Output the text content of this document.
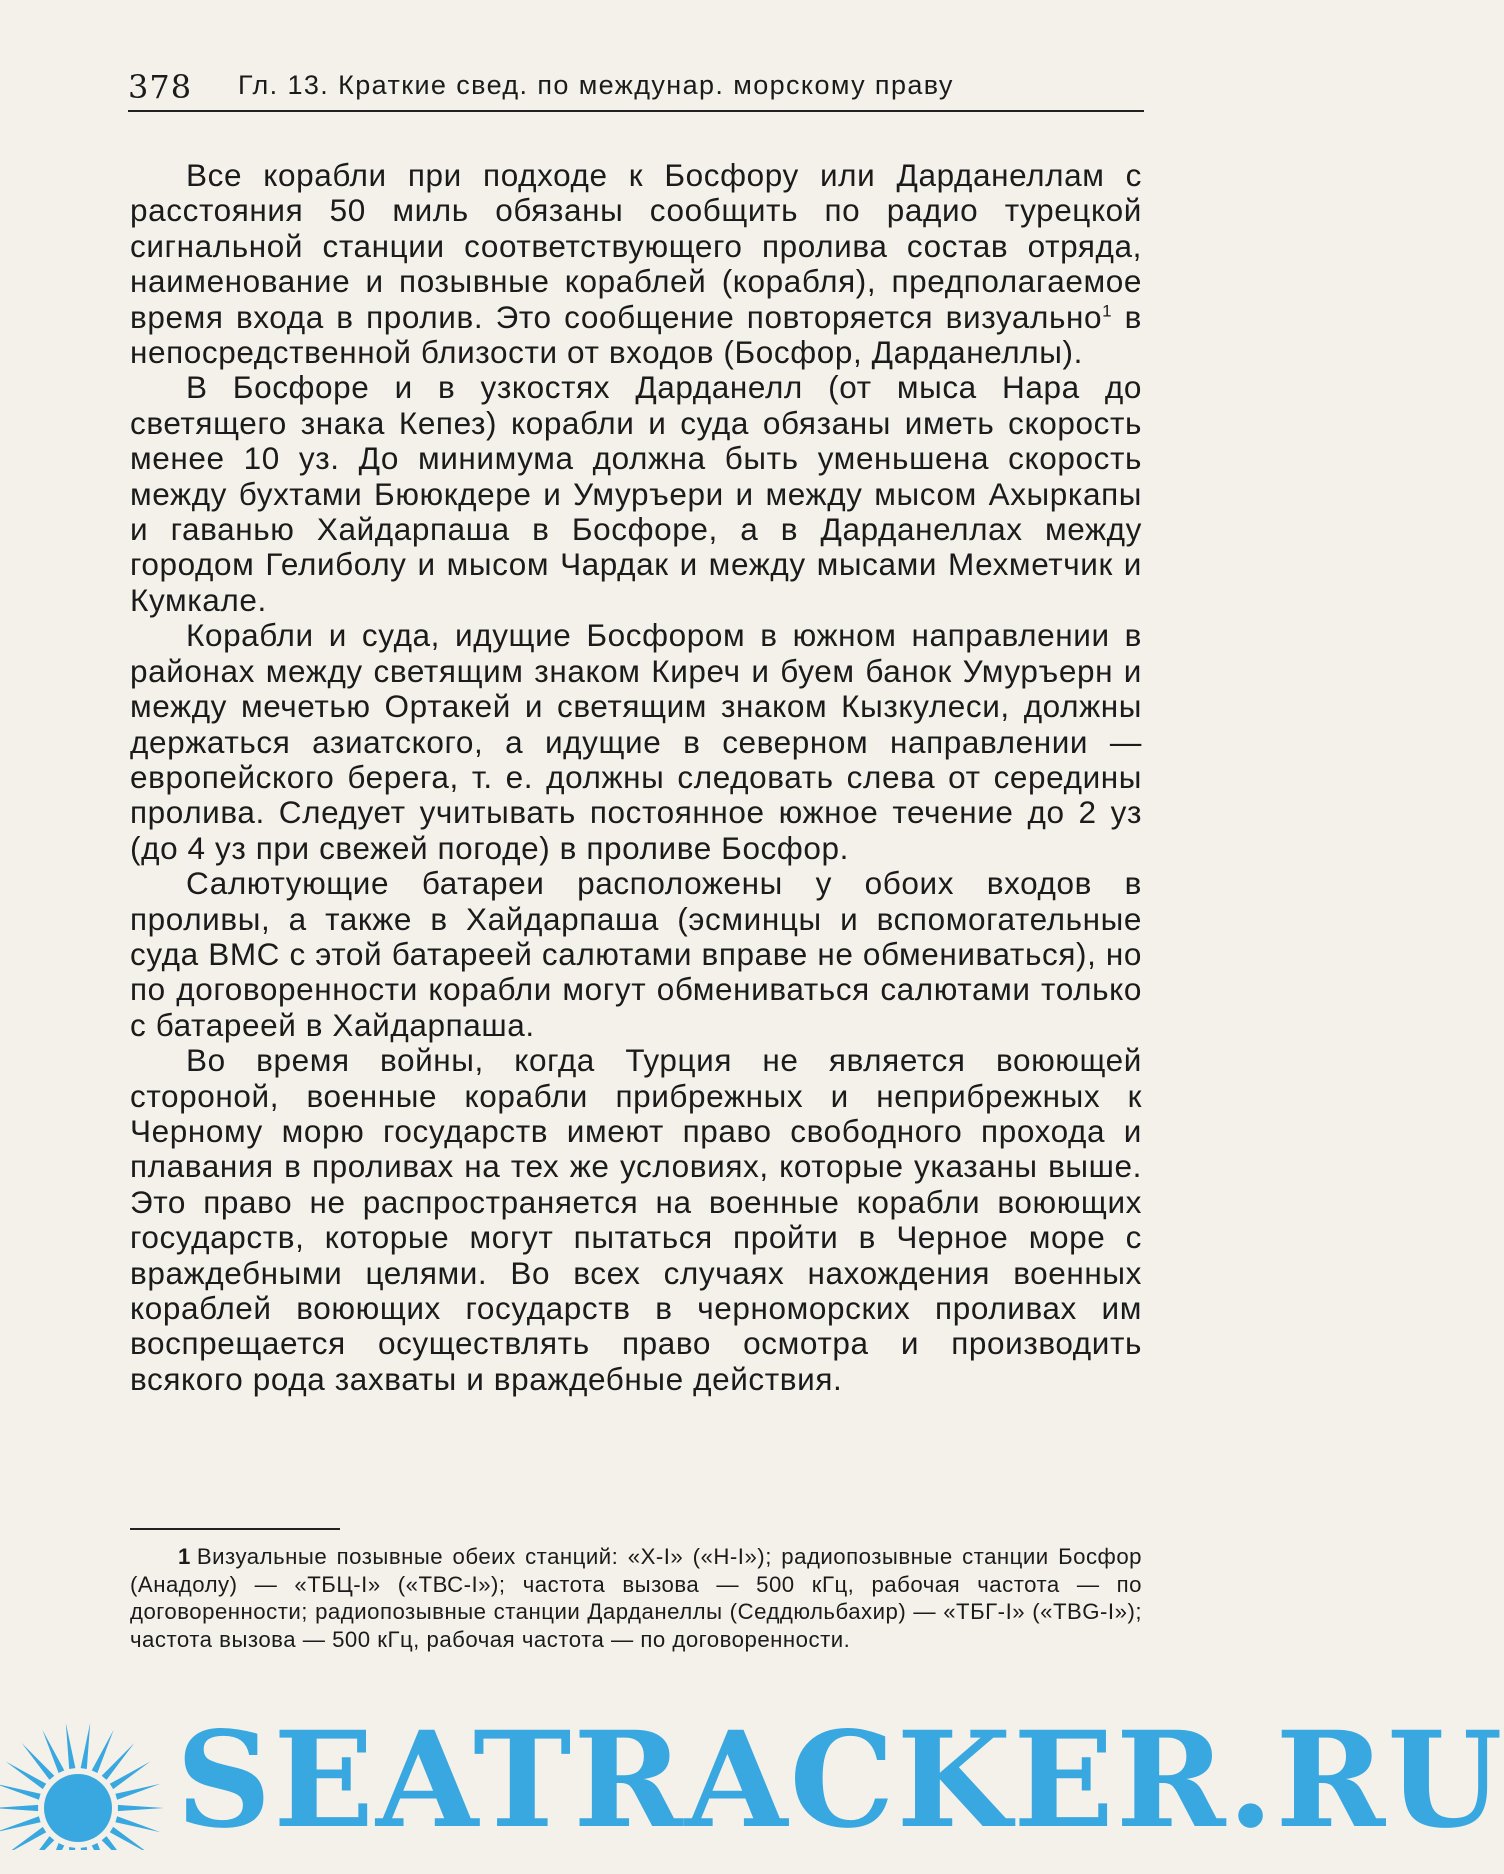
378 Гл. 13. Краткие свед. по междунар. морскому праву

Все корабли при подходе к Босфору или Дарданеллам с расстояния 50 миль обязаны сообщить по радио турецкой сигнальной станции соответствующего пролива состав отряда, наименование и позывные кораблей (корабля), предполагаемое время входа в пролив. Это сообщение повторяется визуально$^1$ в непосредственной близости от входов (Босфор, Дарданеллы).

В Босфоре и в узкостях Дарданелл (от мыса Нара до светящего знака Кепез) корабли и суда обязаны иметь скорость менее 10 уз. До минимума должна быть уменьшена скорость между бухтами Бююкдере и Умуръери и между мысом Ахыркапы и гаванью Хайдарпаша в Босфоре, а в Дарданеллах между городом Гелиболу и мысом Чардак и между мысами Мехметчик и Кумкале.

Корабли и суда, идущие Босфором в южном направлении в районах между светящим знаком Киреч и буем банок Умуръерн и между мечетью Ортакей и светящим знаком Кызкулеси, должны держаться азиатского, а идущие в северном направлении — европейского берега, т. е. должны следовать слева от середины пролива. Следует учитывать постоянное южное течение до 2 уз (до 4 уз при свежей погоде) в проливе Босфор.

Салютующие батареи расположены у обоих входов в проливы, а также в Хайдарпаша (эсминцы и вспомогательные суда ВМС с этой батареей салютами вправе не обмениваться), но по договоренности корабли могут обмениваться салютами только с батареей в Хайдарпаша.

Во время войны, когда Турция не является воюющей стороной, военные корабли прибрежных и неприбрежных к Черному морю государств имеют право свободного прохода и плавания в проливах на тех же условиях, которые указаны выше. Это право не распространяется на военные корабли воюющих государств, которые могут пытаться пройти в Черное море с враждебными целями. Во всех случаях нахождения военных кораблей воюющих государств в черноморских проливах им воспрещается осуществлять право осмотра и производить всякого рода захваты и враждебные действия.

1 Визуальные позывные обеих станций: «Х-І» («Н-І»); радиопозывные станции Босфор (Анадолу) — «ТБЦ-І» («ТВС-І»); частота вызова — 500 кГц, рабочая частота — по договоренности; радиопозывные станции Дарданеллы (Седдюльбахир) — «ТБГ-І» («ТВG-І»); частота вызова — 500 кГц, рабочая частота — по договоренности.

SEATRACKER.RU
